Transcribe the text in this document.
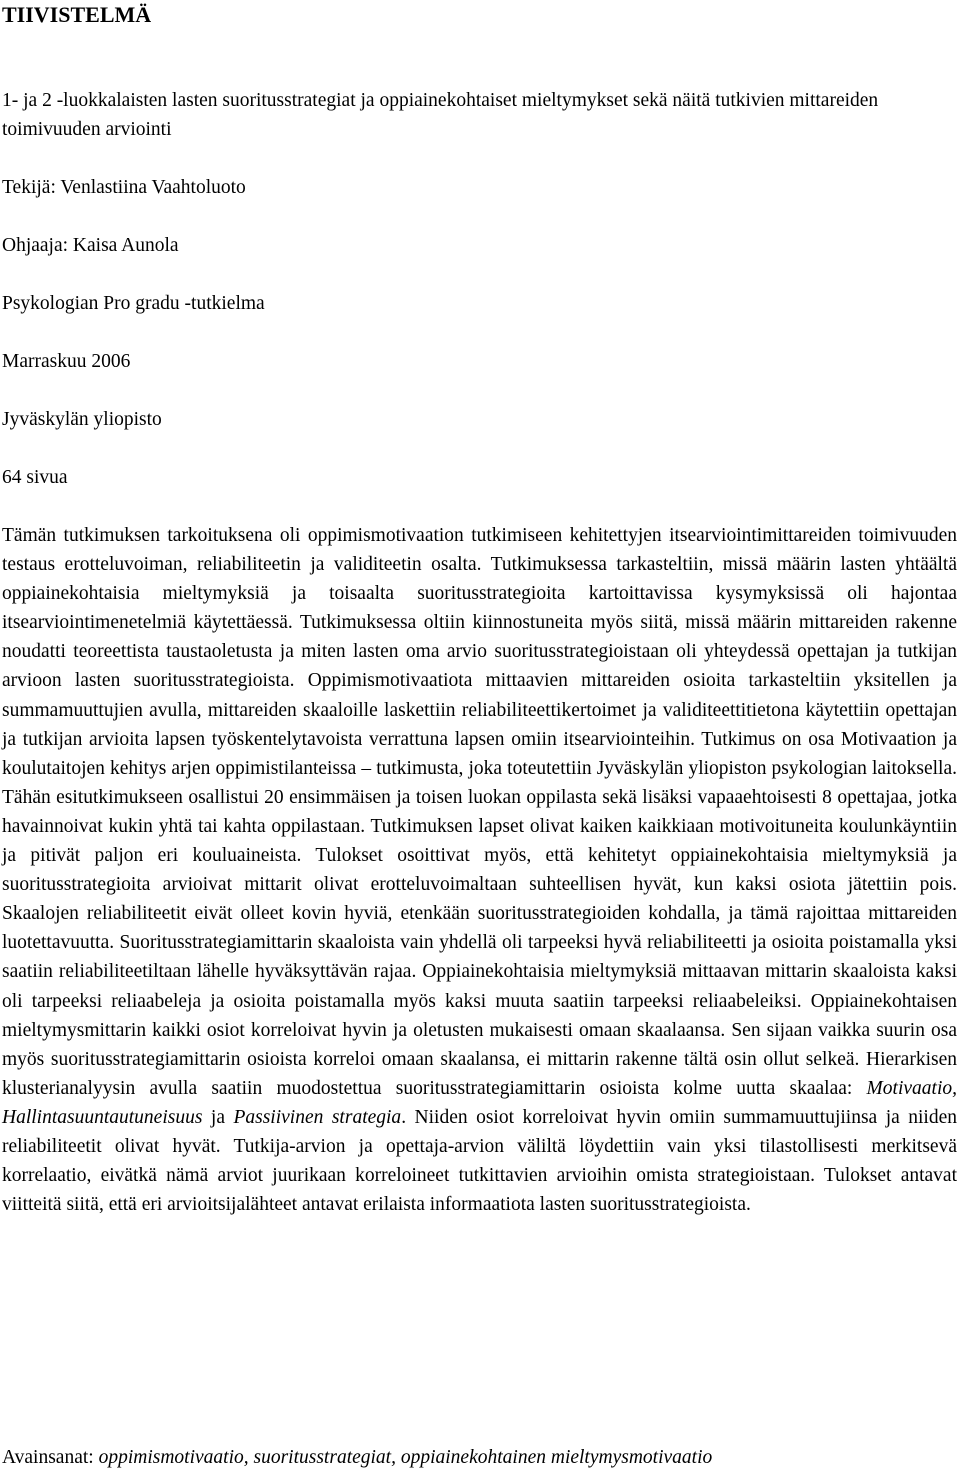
TIIVISTELMÄ

1- ja 2 -luokkalaisten lasten suoritusstrategiat ja oppiainekohtaiset mieltymykset sekä näitä tutkivien mittareiden toimivuuden arviointi

Tekijä: Venlastiina Vaahtoluoto

Ohjaaja: Kaisa Aunola

Psykologian Pro gradu -tutkielma

Marraskuu 2006

Jyväskylän yliopisto

64 sivua

Tämän tutkimuksen tarkoituksena oli oppimismotivaation tutkimiseen kehitettyjen itsearviointimittareiden toimivuuden testaus erotteluvoiman, reliabiliteetin ja validiteetin osalta. Tutkimuksessa tarkasteltiin, missä määrin lasten yhtäältä oppiainekohtaisia mieltymyksiä ja toisaalta suoritusstrategioita kartoittavissa kysymyksissä oli hajontaa itsearviointimenetelmiä käytettäessä. Tutkimuksessa oltiin kiinnostuneita myös siitä, missä määrin mittareiden rakenne noudatti teoreettista taustaoletusta ja miten lasten oma arvio suoritusstrategioistaan oli yhteydessä opettajan ja tutkijan arvioon lasten suoritusstrategioista. Oppimismotivaatiota mittaavien mittareiden osioita tarkasteltiin yksitellen ja summamuuttujien avulla, mittareiden skaaloille laskettiin reliabiliteettikertoimet ja validiteettitietona käytettiin opettajan ja tutkijan arvioita lapsen työskentelytavoista verrattuna lapsen omiin itsearviointeihin. Tutkimus on osa Motivaation ja koulutaitojen kehitys arjen oppimistilanteissa – tutkimusta, joka toteutettiin Jyväskylän yliopiston psykologian laitoksella. Tähän esitutkimukseen osallistui 20 ensimmäisen ja toisen luokan oppilasta sekä lisäksi vapaaehtoisesti 8 opettajaa, jotka havainnoivat kukin yhtä tai kahta oppilastaan. Tutkimuksen lapset olivat kaiken kaikkiaan motivoituneita koulunkäyntiin ja pitivät paljon eri kouluaineista. Tulokset osoittivat myös, että kehitetyt oppiainekohtaisia mieltymyksiä ja suoritusstrategioita arvioivat mittarit olivat erotteluvoimaltaan suhteellisen hyvät, kun kaksi osiota jätettiin pois. Skaalojen reliabiliteetit eivät olleet kovin hyviä, etenkään suoritusstrategioiden kohdalla, ja tämä rajoittaa mittareiden luotettavuutta. Suoritusstrategiamittarin skaaloista vain yhdellä oli tarpeeksi hyvä reliabiliteetti ja osioita poistamalla yksi saatiin reliabiliteetiltaan lähelle hyväksyttävän rajaa. Oppiainekohtaisia mieltymyksiä mittaavan mittarin skaaloista kaksi oli tarpeeksi reliaabeleja ja osioita poistamalla myös kaksi muuta saatiin tarpeeksi reliaabeleiksi. Oppiainekohtaisen mieltymysmittarin kaikki osiot korreloivat hyvin ja oletusten mukaisesti omaan skaalaansa. Sen sijaan vaikka suurin osa myös suoritusstrategiamittarin osioista korreloi omaan skaalansa, ei mittarin rakenne tältä osin ollut selkeä. Hierarkisen klusterianalyysin avulla saatiin muodostettua suoritusstrategiamittarin osioista kolme uutta skaalaa: Motivaatio, Hallintasuuntautuneisuus ja Passiivinen strategia. Niiden osiot korreloivat hyvin omiin summamuuttujiinsa ja niiden reliabiliteetit olivat hyvät. Tutkija-arvion ja opettaja-arvion väliltä löydettiin vain yksi tilastollisesti merkitsevä korrelaatio, eivätkä nämä arviot juurikaan korreloineet tutkittavien arvioihin omista strategioistaan. Tulokset antavat viitteitä siitä, että eri arvioitsijalähteet antavat erilaista informaatiota lasten suoritusstrategioista.

Avainsanat: oppimismotivaatio, suoritusstrategiat, oppiainekohtainen mieltymysmotivaatio
